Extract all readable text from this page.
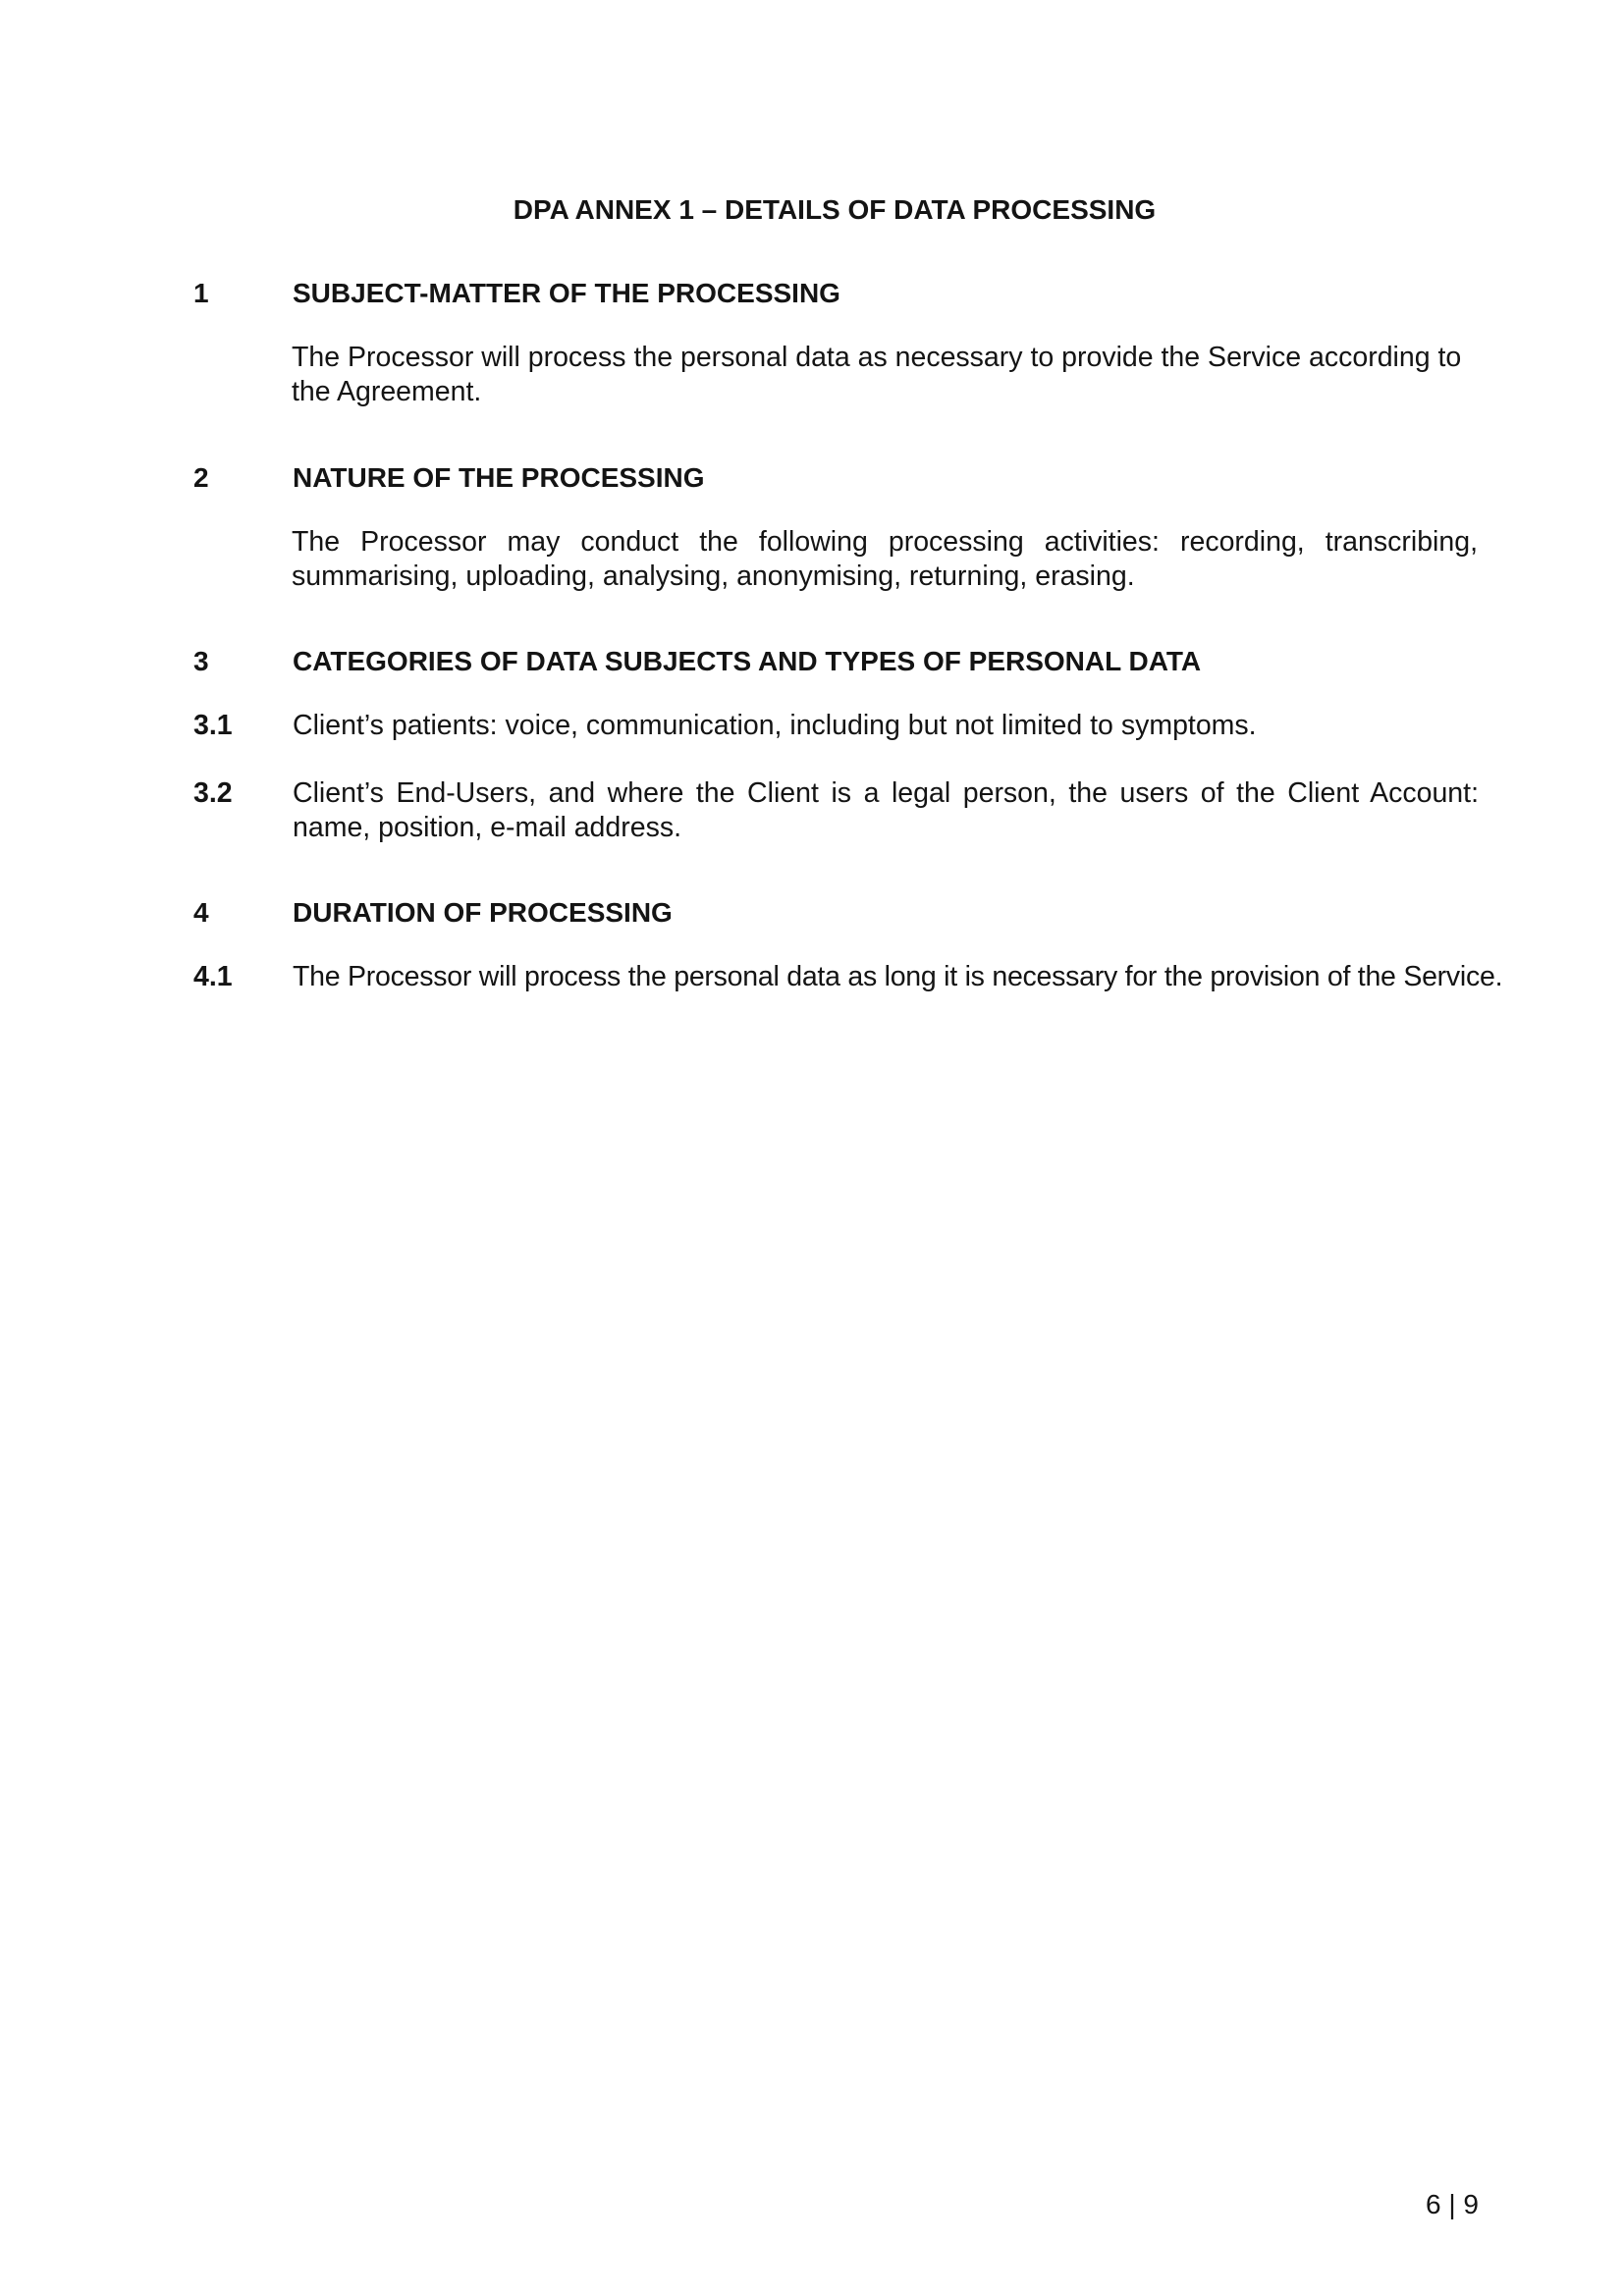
DPA ANNEX 1 – DETAILS OF DATA PROCESSING
1	SUBJECT-MATTER OF THE PROCESSING
The Processor will process the personal data as necessary to provide the Service according to the Agreement.
2	NATURE OF THE PROCESSING
The Processor may conduct the following processing activities: recording, transcribing, summarising, uploading, analysing, anonymising, returning, erasing.
3	CATEGORIES OF DATA SUBJECTS AND TYPES OF PERSONAL DATA
3.1 Client’s patients: voice, communication, including but not limited to symptoms.
3.2 Client’s End-Users, and where the Client is a legal person, the users of the Client Account: name, position, e-mail address.
4	DURATION OF PROCESSING
4.1 The Processor will process the personal data as long it is necessary for the provision of the Service.
6 | 9
